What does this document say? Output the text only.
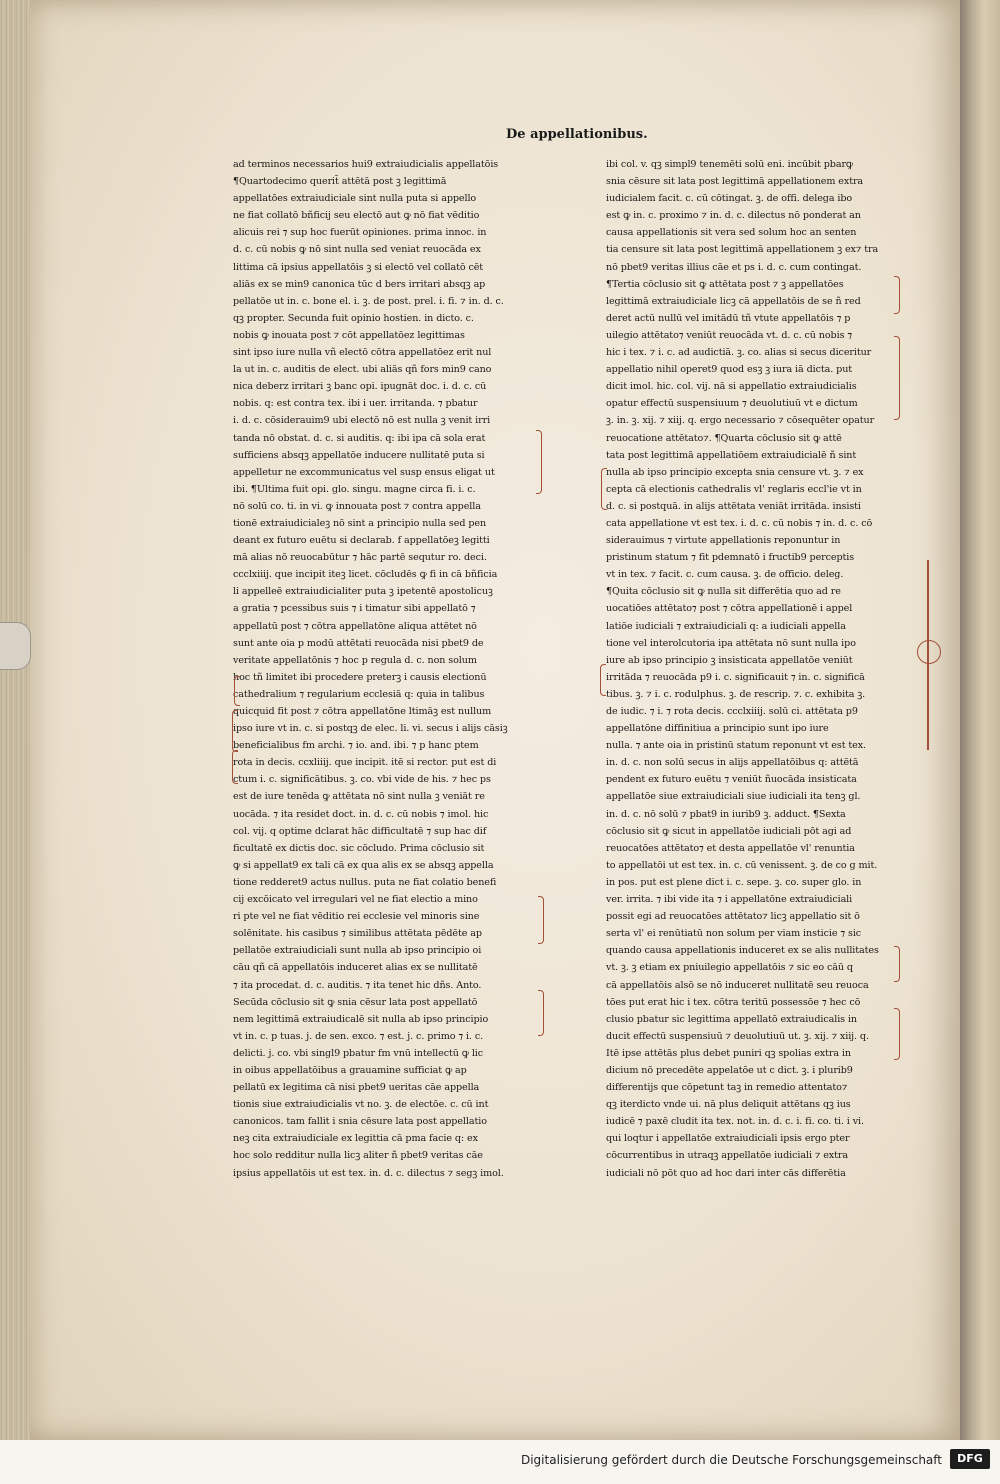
De appellationibus.
ad terminos necessarios hui9 extraiudicialis appellatōis
¶Quartodecimo querit̄ attētā post ꝫ legittimā
appellatōes extraiudiciale sint nulla puta si appello
ne fiat collatō bñficij seu electō aut ꝙ nō fiat vēditio
alicuis rei ⁊ sup hoc fuerūt opiniones. prima innoc. in
d. c. cū nobis ꝙ nō sint nulla sed veniat reuocāda ex
littima cā ipsius appellatōis ꝫ si electō vel collatō cēt
aliās ex se min9 canonica tūc d bers irritari absqꝫ ap
pellatōe ut in. c. bone el. i. ꝫ. de post. prel. i. fi. ⁊ in. d. c.
qꝫ propter. Secunda fuit opinio hostien. in dicto. c.
nobis ꝙ inouata post ⁊ cōt appellatōez legittimas
sint ipso iure nulla vñ electō cōtra appellatōez erit nul
la ut in. c. auditis de elect. ubi aliās qñ fors min9 cano
nica deberz irritari ꝫ banc opi. ipugnāt doc. i. d. c. cū
nobis. q: est contra tex. ibi i uer. irritanda. ⁊ pbatur
i. d. c. cōsiderauim9 ubi electō nō est nulla ꝫ venit irri
tanda nō obstat. d. c. si auditis. q: ibi ipa cā sola erat
sufficiens absqꝫ appellatōe inducere nullitatē puta si
appelletur ne excommunicatus vel susp ensus eligat ut
ibi. ¶Ultima fuit opi. glo. singu. magne circa fi. i. c.
nō solū co. ti. in vi. ꝙ innouata post ⁊ contra appella
tionē extraiudicialeꝫ nō sint a principio nulla sed pen
deant ex futuro euētu si declarab. f appellatōeꝫ legitti
mā alias nō reuocabūtur ⁊ hāc partē sequtur ro. deci.
ccclxiiij. que incipit iteꝫ licet. cōcludēs ꝙ fi in cā bñficia
li appelleē extraiudicialiter puta ꝫ ipetentē apostolicuꝫ
a gratia ⁊ pcessibus suis ⁊ i timatur sibi appellatō ⁊
appellatū post ⁊ cōtra appellatōne aliqua attētet nō
sunt ante oia p modū attētati reuocāda nisi pbet9 de
veritate appellatōnis ⁊ hoc p regula d. c. non solum
hoc tñ limitet ibi procedere preterꝫ i causis electionū
cathedralium ⁊ regularium ecclesiā q: quia in talibus
quicquid fit post ⁊ cōtra appellatōne ltimāꝫ est nullum
ipso iure vt in. c. si postqꝫ de elec. li. vi. secus i alijs cāsiꝫ
beneficialibus fm archi. ⁊ io. and. ibi. ⁊ p hanc ptem
rota in decis. ccxliiij. que incipit. itē si rector. put est di
ctum i. c. significātibus. ꝫ. co. vbi vide de his. ⁊ hec ps
est de iure tenēda ꝙ attētata nō sint nulla ꝫ veniāt re
uocāda. ⁊ ita residet doct. in. d. c. cū nobis ⁊ imol. hic
col. vij. q optime dclarat hāc difficultatē ⁊ sup hac dif
ficultatē ex dictis doc. sic cōcludo. Prima cōclusio sit
ꝙ si appellat9 ex tali cā ex qua alis ex se absqꝫ appella
tione redderet9 actus nullus. puta ne fiat colatio benefi
cij excōicato vel irregulari vel ne fiat electio a mino
ri pte vel ne fiat vēditio rei ecclesie vel minoris sine
solēnitate. his casibus ⁊ similibus attētata pēdēte ap
pellatōe extraiudiciali sunt nulla ab ipso principio oi
cāu qñ cā appellatōis induceret alias ex se nullitatē
⁊ ita procedat. d. c. auditis. ⁊ ita tenet hic dñs. Anto.
Secūda cōclusio sit ꝙ snia cēsur lata post appellatō
nem legittimā extraiudicalē sit nulla ab ipso principio
vt in. c. p tuas. j. de sen. exco. ⁊ est. j. c. primo ⁊ i. c.
delicti. j. co. vbi singl9 pbatur fm vnū intellectū ꝙ lic
in oibus appellatōibus a grauamine sufficiat ꝙ ap
pellatū ex legitima cā nisi pbet9 ueritas cāe appella
tionis siue extraiudicialis vt no. ꝫ. de electōe. c. cū int
canonicos. tam fallit i snia cēsure lata post appellatio
neꝫ cita extraiudiciale ex legittia cā pma facie q: ex
hoc solo redditur nulla licꝫ aliter ñ pbet9 veritas cāe
ipsius appellatōis ut est tex. in. d. c. dilectus ⁊ segꝫ imol.
ibi col. v. qꝫ simpl9 tenemēti solū eni. incūbit pbarꝙ
snia cēsure sit lata post legittimā appellationem extra
iudicialem facit. c. cū cōtingat. ꝫ. de offi. delega ibo
est ꝙ in. c. proximo ⁊ in. d. c. dilectus nō ponderat an
causa appellationis sit vera sed solum hoc an senten
tia censure sit lata post legittimā appellationem ꝫ ex⁊ tra
nō pbet9 veritas illius cāe et ps i. d. c. cum contingat.
¶Tertia cōclusio sit ꝙ attētata post ⁊ ꝫ appellatōes
legittimā extraiudiciale licꝫ cā appellatōis de se ñ red
deret actū nullū vel imitādū tñ vtute appellatōis ⁊ p
uilegio attētato⁊ veniūt reuocāda vt. d. c. cū nobis ⁊
hic i tex. ⁊ i. c. ad audictiā. ꝫ. co. alias si secus diceritur
appellatio nihil operet9 quod esꝫ ꝫ iura iā dicta. put
dicit imol. hic. col. vij. nā si appellatio extraiudicialis
opatur effectū suspensiuum ⁊ deuolutiuū vt e dictum
ꝫ. in. ꝫ. xij. ⁊ xiij. q. ergo necessario ⁊ cōsequēter opatur
reuocatione attētato⁊. ¶Quarta cōclusio sit ꝙ attē
tata post legittimā appellatiōem extraiudicialē ñ sint
nulla ab ipso principio excepta snia censure vt. ꝫ. ⁊ ex
cepta cā electionis cathedralis vl' reglaris eccl'ie vt in
d. c. si postquā. in alijs attētata veniāt irritāda. insisti
cata appellatione vt est tex. i. d. c. cū nobis ⁊ in. d. c. cō
siderauimus ⁊ virtute appellationis reponuntur in
pristinum statum ⁊ fit pdemnatō i fructib9 perceptis
vt in tex. ⁊ facit. c. cum causa. ꝫ. de officio. deleg.
¶Quita cōclusio sit ꝙ nulla sit differētia quo ad re
uocatiōes attētato⁊ post ⁊ cōtra appellationē i appel
latiōe iudiciali ⁊ extraiudiciali q: a iudiciali appella
tione vel interolcutoria ipa attētata nō sunt nulla ipo
iure ab ipso principio ꝫ insisticata appellatōe veniūt
irritāda ⁊ reuocāda p9 i. c. significauit ⁊ in. c. significā
tibus. ꝫ. ⁊ i. c. rodulphus. ꝫ. de rescrip. ⁊. c. exhibita ꝫ.
de iudic. ⁊ i. ⁊ rota decis. ccclxiiij. solū ci. attētata p9
appellatōne diffinitiua a principio sunt ipo iure
nulla. ⁊ ante oia in pristinū statum reponunt vt est tex.
in. d. c. non solū secus in alijs appellatōibus q: attētā
pendent ex futuro euētu ⁊ veniūt ñuocāda insisticata
appellatōe siue extraiudiciali siue iudiciali ita tenꝫ gl.
in. d. c. nō solū ⁊ pbat9 in iurib9 ꝫ. adduct. ¶Sexta
cōclusio sit ꝙ sicut in appellatōe iudiciali pōt agi ad
reuocatōes attētato⁊ et desta appellatōe vl' renuntia
to appellatōi ut est tex. in. c. cū venissent. ꝫ. de co g mit.
in pos. put est plene dict i. c. sepe. ꝫ. co. super glo. in
ver. irrita. ⁊ ibi vide ita ⁊ i appellatōne extraiudiciali
possit egi ad reuocatōes attētato⁊ licꝫ appellatio sit ō
serta vl' ei renūtiatū non solum per viam insticie ⁊ sic
quando causa appellationis induceret ex se alis nullitates
vt. ꝫ. ꝫ etiam ex pniuilegio appellatōis ⁊ sic eo cāū q
cā appellatōis alsō se nō induceret nullitatē seu reuoca
tōes put erat hic i tex. cōtra teritū possessōe ⁊ hec cō
clusio pbatur sic legittima appellatō extraiudicalis in
ducit effectū suspensiuū ⁊ deuolutiuū ut. ꝫ. xij. ⁊ xiij. q.
Itē ipse attētās plus debet puniri qꝫ spolias extra in
dicium nō precedēte appelatōe ut c dict. ꝫ. i plurib9
differentijs que cōpetunt taꝫ in remedio attentato⁊
qꝫ iterdicto vnde ui. nā plus deliquit attētans qꝫ ius
iudicē ⁊ paxē cludit ita tex. not. in. d. c. i. fi. co. ti. i vi.
qui loqtur i appellatōe extraiudiciali ipsis ergo pter
cōcurrentibus in utraqꝫ appellatōe iudiciali ⁊ extra
iudiciali nō pōt quo ad hoc dari inter cās differētia
Digitalisierung gefördert durch die Deutsche Forschungsgemeinschaft	DFG
